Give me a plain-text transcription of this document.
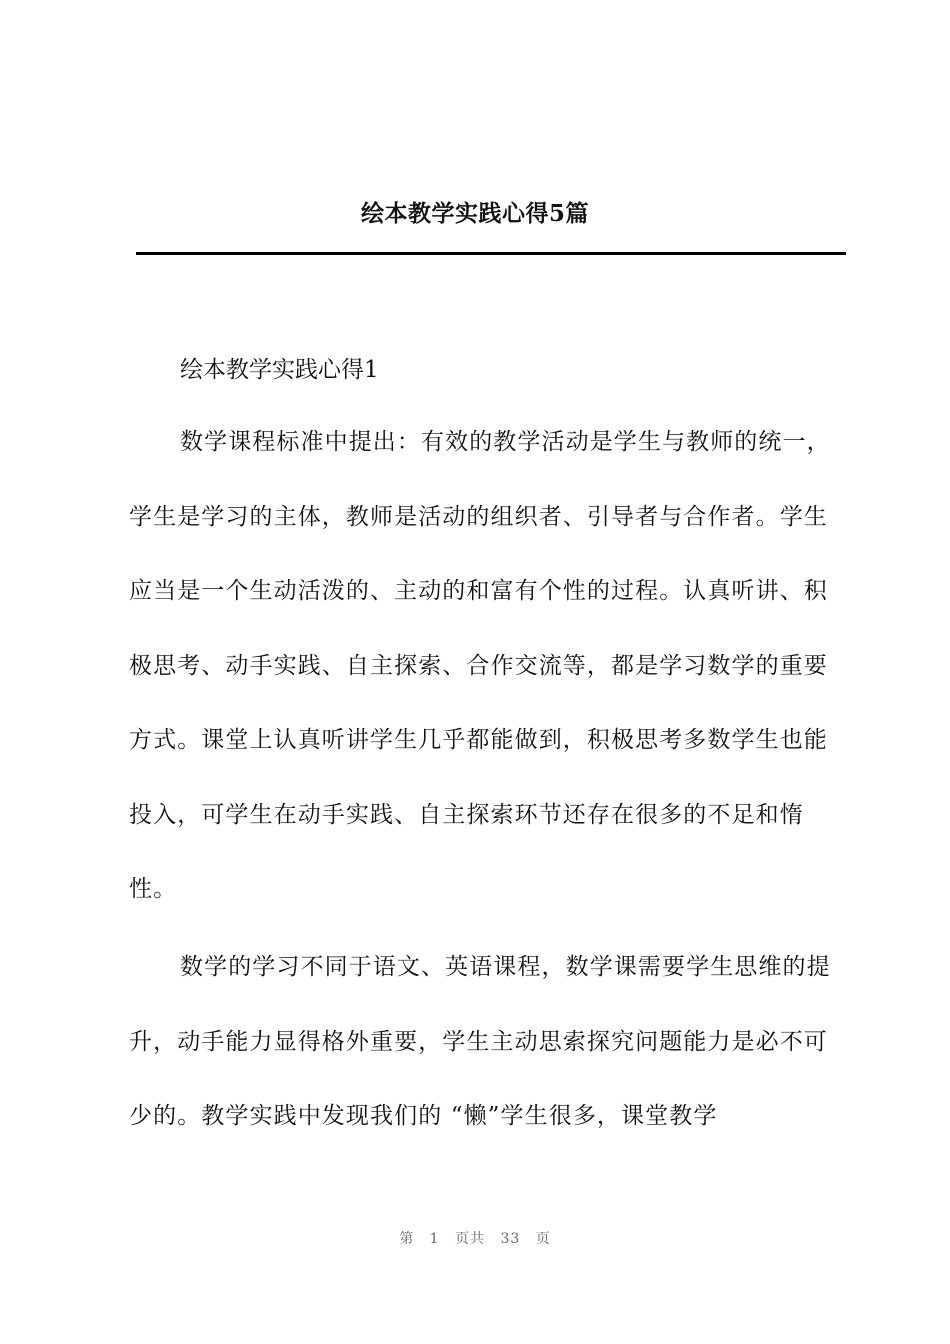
绘本教学实践心得5篇
绘本教学实践心得1

数学课程标准中提出：有效的教学活动是学生与教师的统一，学生是学习的主体，教师是活动的组织者、引导者与合作者。学生应当是一个生动活泼的、主动的和富有个性的过程。认真听讲、积极思考、动手实践、自主探索、合作交流等，都是学习数学的重要方式。课堂上认真听讲学生几乎都能做到，积极思考多数学生也能投入，可学生在动手实践、自主探索环节还存在很多的不足和惰性。

数学的学习不同于语文、英语课程，数学课需要学生思维的提升，动手能力显得格外重要，学生主动思索探究问题能力是必不可少的。教学实践中发现我们的 “懒”学生很多，课堂教学

第 1 页共 33 页
